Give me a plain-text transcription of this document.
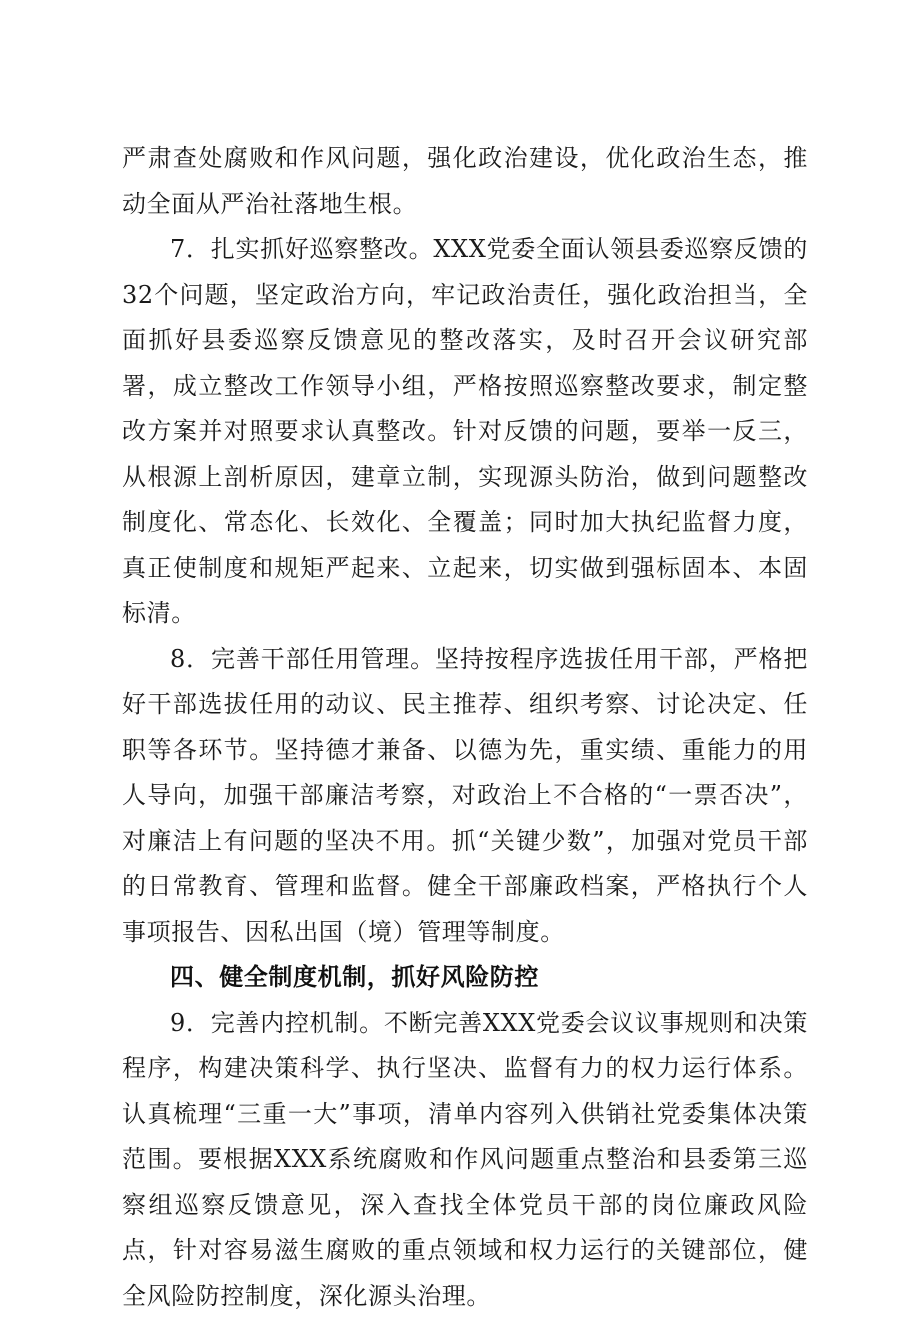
严肃查处腐败和作风问题，强化政治建设，优化政治生态，推动全面从严治社落地生根。

7．扎实抓好巡察整改。XXX党委全面认领县委巡察反馈的32个问题，坚定政治方向，牢记政治责任，强化政治担当，全面抓好县委巡察反馈意见的整改落实，及时召开会议研究部署，成立整改工作领导小组，严格按照巡察整改要求，制定整改方案并对照要求认真整改。针对反馈的问题，要举一反三，从根源上剖析原因，建章立制，实现源头防治，做到问题整改制度化、常态化、长效化、全覆盖；同时加大执纪监督力度，真正使制度和规矩严起来、立起来，切实做到强标固本、本固标清。

8．完善干部任用管理。坚持按程序选拔任用干部，严格把好干部选拔任用的动议、民主推荐、组织考察、讨论决定、任职等各环节。坚持德才兼备、以德为先，重实绩、重能力的用人导向，加强干部廉洁考察，对政治上不合格的“一票否决”，对廉洁上有问题的坚决不用。抓“关键少数”，加强对党员干部的日常教育、管理和监督。健全干部廉政档案，严格执行个人事项报告、因私出国（境）管理等制度。

四、健全制度机制，抓好风险防控

9．完善内控机制。不断完善XXX党委会议议事规则和决策程序，构建决策科学、执行坚决、监督有力的权力运行体系。认真梳理“三重一大”事项，清单内容列入供销社党委集体决策范围。要根据XXX系统腐败和作风问题重点整治和县委第三巡察组巡察反馈意见，深入查找全体党员干部的岗位廉政风险点，针对容易滋生腐败的重点领域和权力运行的关键部位，健全风险防控制度，深化源头治理。
